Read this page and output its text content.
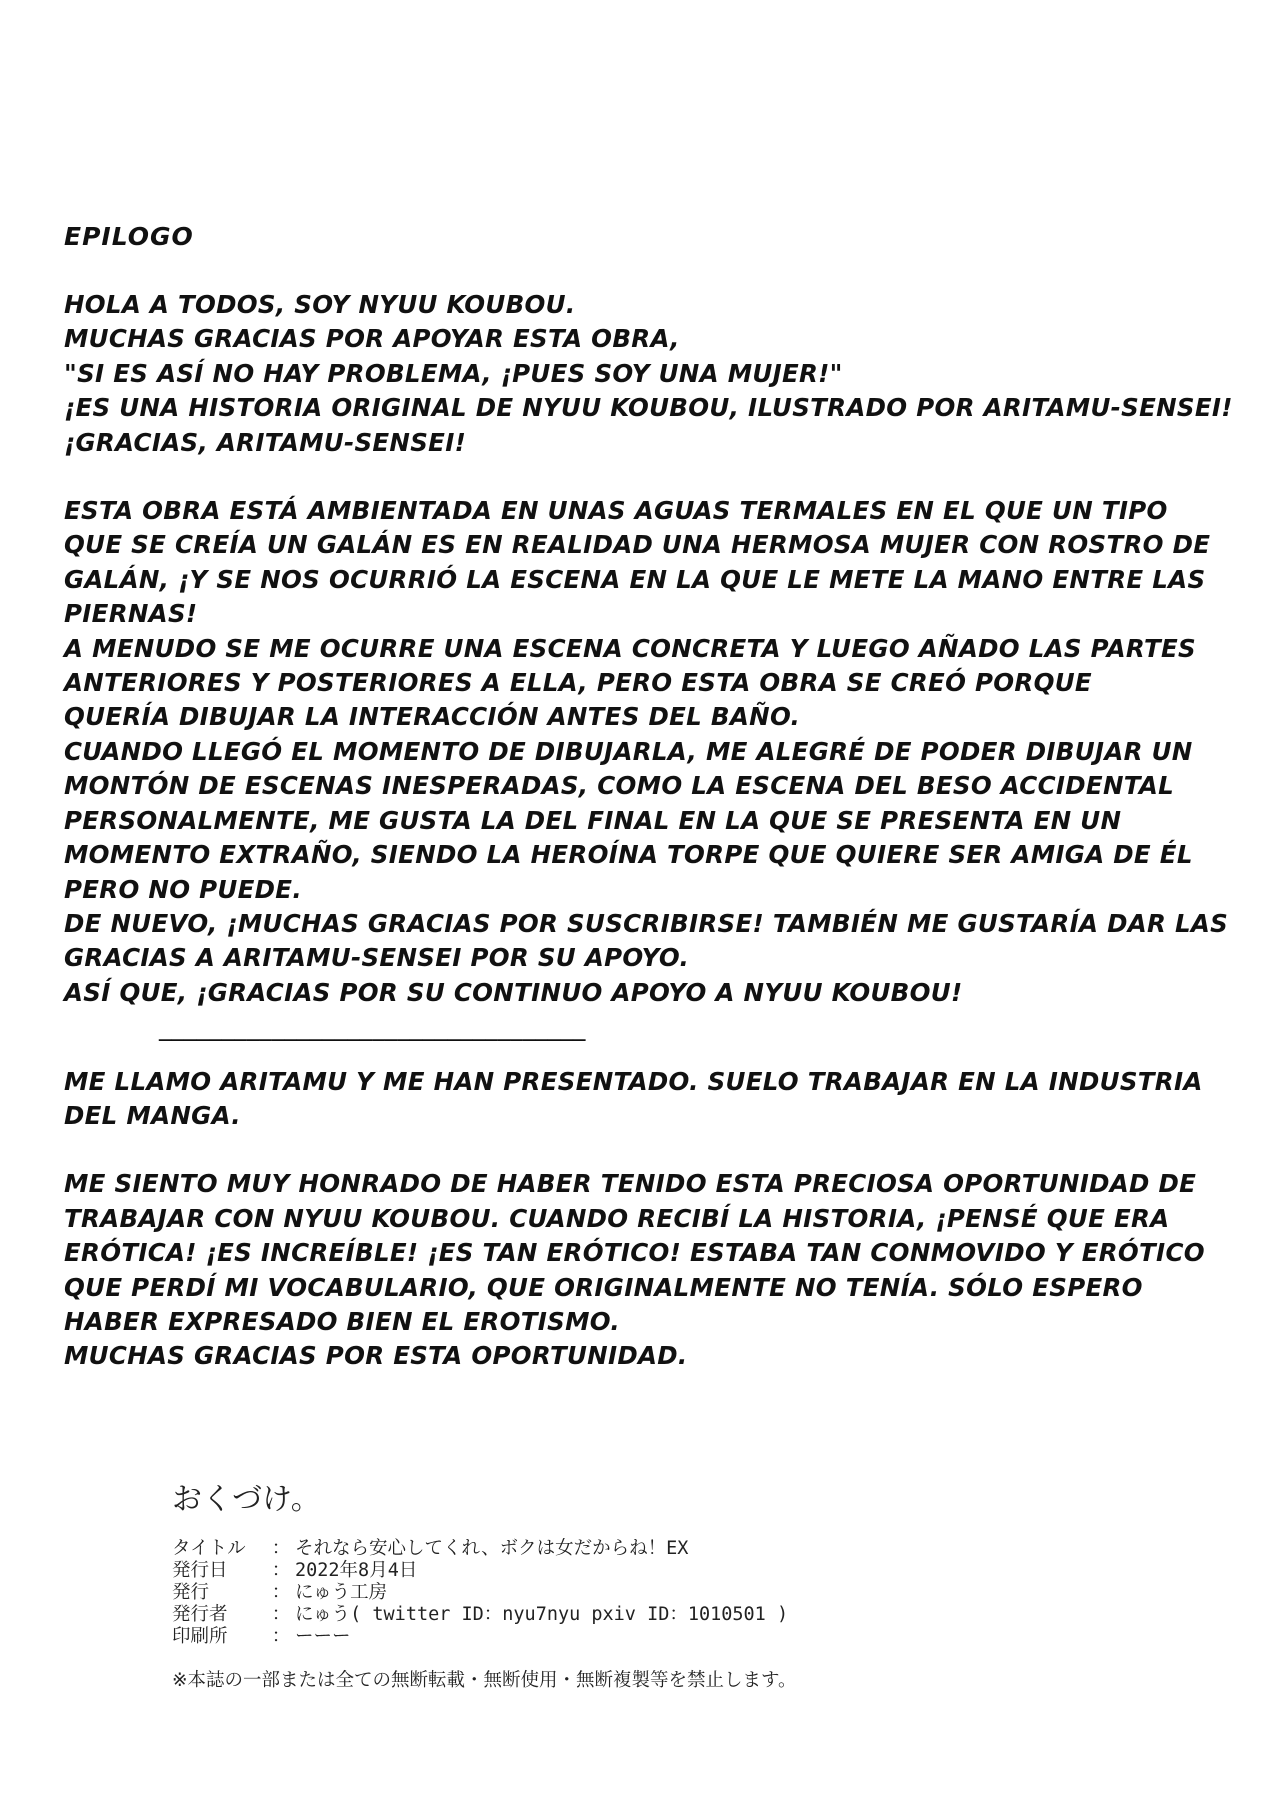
EPILOGO

HOLA A TODOS, SOY NYUU KOUBOU.

MUCHAS GRACIAS POR APOYAR ESTA OBRA,

"SI ES ASÍ NO HAY PROBLEMA, ¡PUES SOY UNA MUJER!"

¡ES UNA HISTORIA ORIGINAL DE NYUU KOUBOU, ILUSTRADO POR ARITAMU-SENSEI!

¡GRACIAS, ARITAMU-SENSEI!

ESTA OBRA ESTÁ AMBIENTADA EN UNAS AGUAS TERMALES EN EL QUE UN TIPO

QUE SE CREÍA UN GALÁN ES EN REALIDAD UNA HERMOSA MUJER CON ROSTRO DE

GALÁN, ¡Y SE NOS OCURRIÓ LA ESCENA EN LA QUE LE METE LA MANO ENTRE LAS

PIERNAS!

A MENUDO SE ME OCURRE UNA ESCENA CONCRETA Y LUEGO AÑADO LAS PARTES

ANTERIORES Y POSTERIORES A ELLA, PERO ESTA OBRA SE CREÓ PORQUE

QUERÍA DIBUJAR LA INTERACCIÓN ANTES DEL BAÑO.

CUANDO LLEGÓ EL MOMENTO DE DIBUJARLA, ME ALEGRÉ DE PODER DIBUJAR UN

MONTÓN DE ESCENAS INESPERADAS, COMO LA ESCENA DEL BESO ACCIDENTAL

PERSONALMENTE, ME GUSTA LA DEL FINAL EN LA QUE SE PRESENTA EN UN

MOMENTO EXTRAÑO, SIENDO LA HEROÍNA TORPE QUE QUIERE SER AMIGA DE ÉL

PERO NO PUEDE.

DE NUEVO, ¡MUCHAS GRACIAS POR SUSCRIBIRSE! TAMBIÉN ME GUSTARÍA DAR LAS

GRACIAS A ARITAMU-SENSEI POR SU APOYO.

ASÍ QUE, ¡GRACIAS POR SU CONTINUO APOYO A NYUU KOUBOU!

__________________________________

ME LLAMO ARITAMU Y ME HAN PRESENTADO. SUELO TRABAJAR EN LA INDUSTRIA

DEL MANGA.

ME SIENTO MUY HONRADO DE HABER TENIDO ESTA PRECIOSA OPORTUNIDAD DE

TRABAJAR CON NYUU KOUBOU. CUANDO RECIBÍ LA HISTORIA, ¡PENSÉ QUE ERA

ERÓTICA! ¡ES INCREÍBLE! ¡ES TAN ERÓTICO! ESTABA TAN CONMOVIDO Y ERÓTICO

QUE PERDÍ MI VOCABULARIO, QUE ORIGINALMENTE NO TENÍA. SÓLO ESPERO

HABER EXPRESADO BIEN EL EROTISMO.

MUCHAS GRACIAS POR ESTA OPORTUNIDAD.

おくづけ。
タイトル	： それなら安心してくれ、ボクは女だからね！EX
発行日	： 2022年8月4日
発行	： にゅう工房
発行者	： にゅう( twitter ID：nyu7nyu pxiv ID：1010501 )
印刷所	： ーーー
※本誌の一部または全ての無断転載・無断使用・無断複製等を禁止します。
